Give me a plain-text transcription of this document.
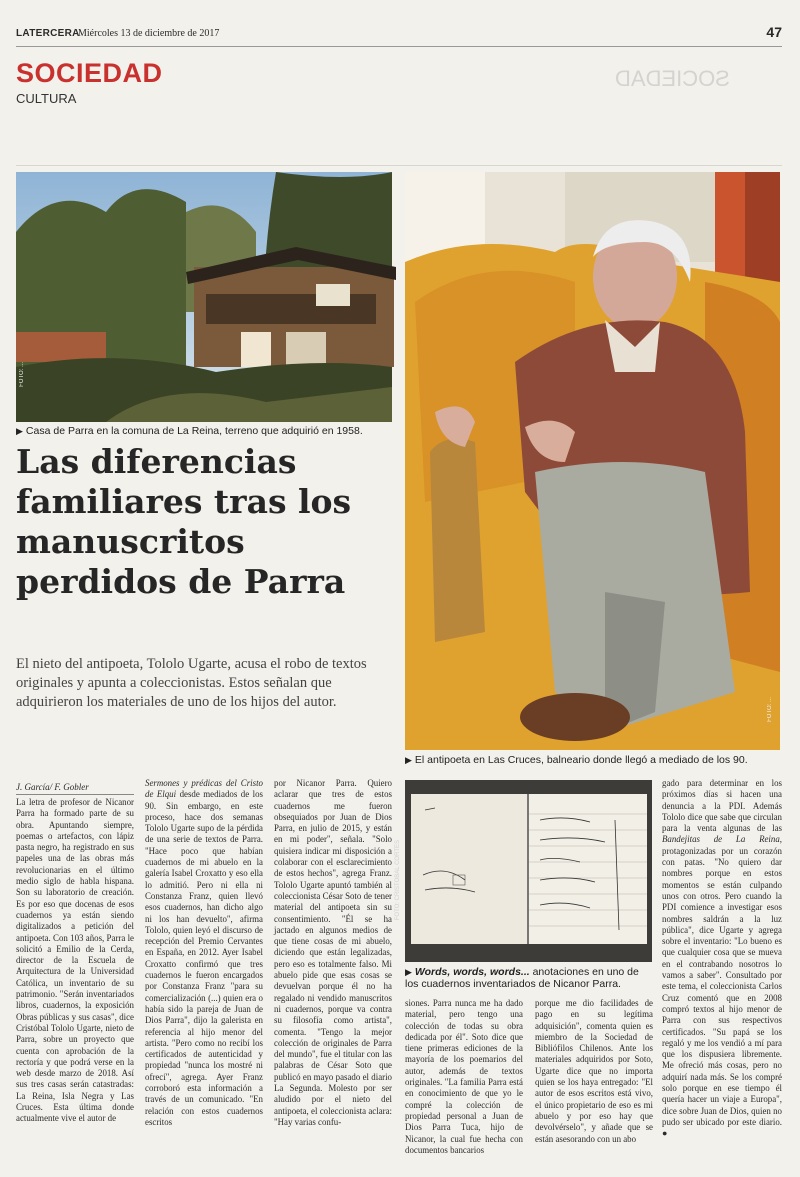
LATERCERA
Miércoles 13 de diciembre de 2017	47
SOCIEDAD
CULTURA
SOCIEDAD
FOTO: ...
▶ Casa de Parra en la comuna de La Reina, terreno que adquirió en 1958.
FOTO: ...
▶ El antipoeta en Las Cruces, balneario donde llegó a mediado de los 90.
Las diferencias familiares tras los manuscritos perdidos de Parra

El nieto del antipoeta, Tololo Ugarte, acusa el robo de textos originales y apunta a coleccionistas. Estos señalan que adquirieron los materiales de uno de los hijos del autor.

J. García/ F. Gobler

La letra de profesor de Nicanor Parra ha formado parte de su obra. Apuntando siempre, poemas o artefactos, con lápiz pasta negro, ha registrado en sus papeles una de las obras más revolucionarias en el último medio siglo de habla hispana. Son su laboratorio de creación. Es por eso que docenas de esos cuadernos ya están siendo digitalizados a petición del antipoeta. Con 103 años, Parra le solicitó a Emilio de la Cerda, director de la Escuela de Arquitectura de la Universidad Católica, un inventario de su patrimonio. "Serán inventariados libros, cuadernos, la exposición Obras públicas y sus casas", dice Cristóbal Tololo Ugarte, nieto de Parra, sobre un proyecto que cuenta con aprobación de la rectoría y que podrá verse en la web desde marzo de 2018. Así sus tres casas serán catastradas: La Reina, Isla Negra y Las Cruces. Esta última donde actualmente vive el autor de

Sermones y prédicas del Cristo de Elqui desde mediados de los 90. Sin embargo, en este proceso, hace dos semanas Tololo Ugarte supo de la pérdida de una serie de textos de Parra. "Hace poco que habían cuadernos de mi abuelo en la galería Isabel Croxatto y eso ella lo admitió. Pero ni ella ni Constanza Franz, quien llevó esos cuadernos, han dicho algo ni los han devuelto", afirma Tololo, quien leyó el discurso de recepción del Premio Cervantes en España, en 2012. Ayer Isabel Croxatto confirmó que tres cuadernos le fueron encargados por Constanza Franz "para su comercialización (...) quien era o había sido la pareja de Juan de Dios Parra", dijo la galerista en referencia al hijo menor del artista. "Pero como no recibí los certificados de autenticidad y propiedad "nunca los mostré ni ofrecí", agrega. Ayer Franz corroboró esta información a través de un comunicado. "En relación con estos cuadernos escritos

por Nicanor Parra. Quiero aclarar que tres de estos cuadernos me fueron obsequiados por Juan de Dios Parra, en julio de 2015, y están en mi poder", señala. "Solo quisiera indicar mi disposición a colaborar con el esclarecimiento de estos hechos", agrega Franz. Tololo Ugarte apuntó también al coleccionista César Soto de tener material del antipoeta sin su consentimiento. "Él se ha jactado en algunos medios de que tiene cosas de mi abuelo, diciendo que están legalizadas, pero eso es totalmente falso. Mi abuelo pide que esas cosas se devuelvan porque él no ha regalado ni vendido manuscritos ni cuadernos, porque va contra su filosofía como artista", comenta. "Tengo la mejor colección de originales de Parra del mundo", fue el titular con las palabras de César Soto que publicó en mayo pasado el diario La Segunda. Molesto por ser aludido por el nieto del antipoeta, el coleccionista aclara: "Hay varias confu-

FOTO: CRISTÓBAL CORTÉS
▶ Words, words, words... anotaciones en uno de los cuadernos inventariados de Nicanor Parra.

siones. Parra nunca me ha dado material, pero tengo una colección de todas su obra dedicada por él". Soto dice que tiene primeras ediciones de la mayoría de los poemarios del autor, además de textos originales. "La familia Parra está en conocimiento de que yo le compré la colección de propiedad personal a Juan de Dios Parra Tuca, hijo de Nicanor, la cual fue hecha con documentos bancarios

porque me dio facilidades de pago en su legítima adquisición", comenta quien es miembro de la Sociedad de Bibliófilos Chilenos. Ante los materiales adquiridos por Soto, Ugarte dice que no importa quien se los haya entregado: "El autor de esos escritos está vivo, el único propietario de eso es mi abuelo y por eso hay que devolvérselo", y añade que se están asesorando con un abo

gado para determinar en los próximos días si hacen una denuncia a la PDI. Además Tololo dice que sabe que circulan para la venta algunas de las Bandejitas de La Reina, protagonizadas por un corazón con patas. "No quiero dar nombres porque en estos momentos se están culpando unos con otros. Pero cuando la PDI comience a investigar esos nombres saldrán a la luz pública", dice Ugarte y agrega sobre el inventario: "Lo bueno es que cualquier cosa que se mueva en el contrabando nosotros lo vamos a saber". Consultado por este tema, el coleccionista Carlos Cruz comentó que en 2008 compró textos al hijo menor de Parra con sus respectivos certificados. "Su papá se los regaló y me los vendió a mí para que los dispusiera libremente. Me ofreció más cosas, pero no adquirí nada más. Se los compré solo porque en ese tiempo él quería hacer un viaje a Europa", dice sobre Juan de Dios, quien no pudo ser ubicado por este diario. ●
